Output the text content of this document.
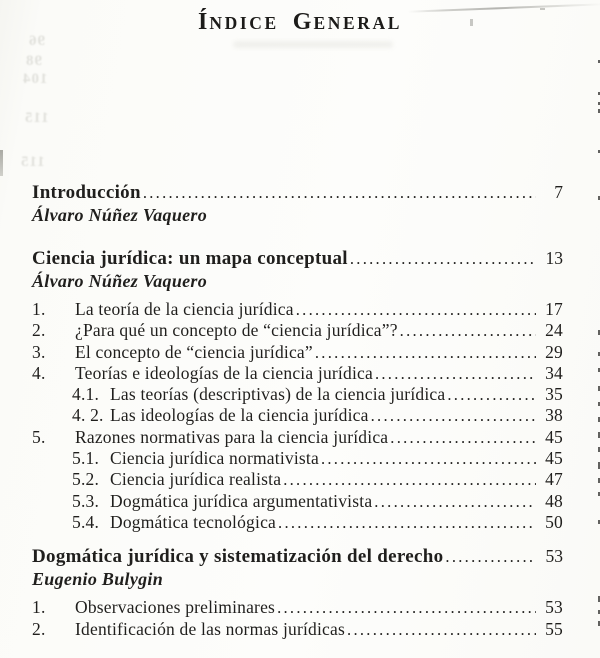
ÍNDICE GENERAL
96
98
104
115
115
Introducción .....	7
Álvaro Núñez Vaquero
Ciencia jurídica: un mapa conceptual .....	13
Álvaro Núñez Vaquero
1.	La teoría de la ciencia jurídica .....	17
2.	¿Para qué un concepto de “ciencia jurídica”? .....	24
3.	El concepto de “ciencia jurídica” .....	29
4.	Teorías e ideologías de la ciencia jurídica .....	34
4.1. Las teorías (descriptivas) de la ciencia jurídica .....	35
4. 2. Las ideologías de la ciencia jurídica .....	38
5.	Razones normativas para la ciencia jurídica .....	45
5.1. Ciencia jurídica normativista .....	45
5.2. Ciencia jurídica realista .....	47
5.3. Dogmática jurídica argumentativista .....	48
5.4. Dogmática tecnológica .....	50
Dogmática jurídica y sistematización del derecho .....	53
Eugenio Bulygin
1.	Observaciones preliminares .....	53
2.	Identificación de las normas jurídicas .....	55
